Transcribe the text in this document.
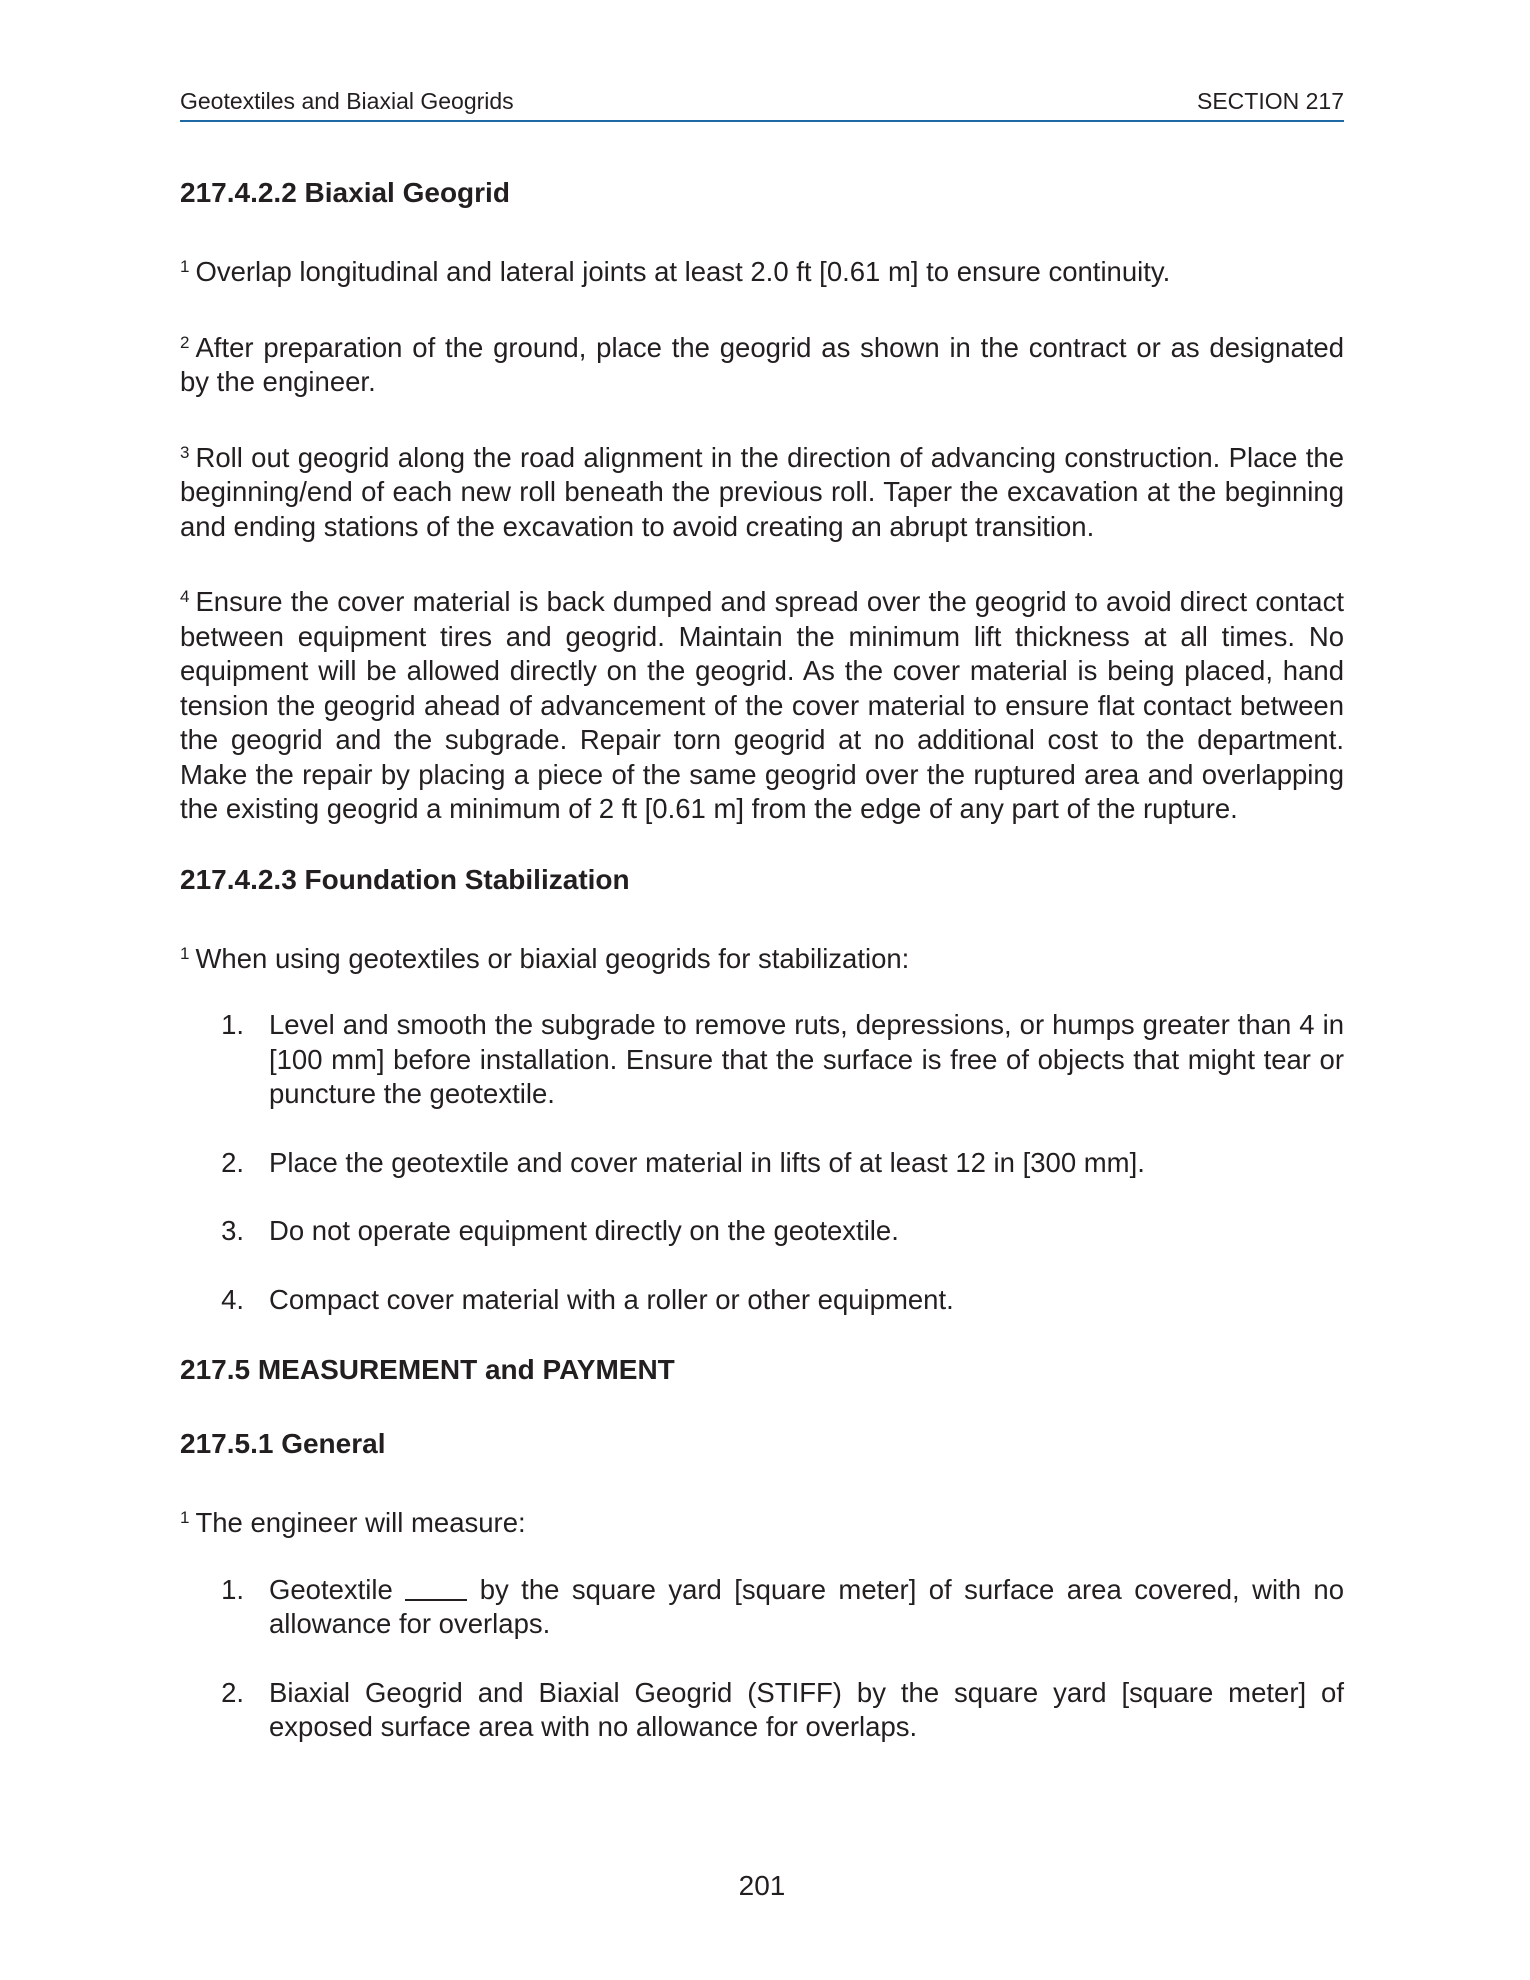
Geotextiles and Biaxial Geogrids	SECTION 217
217.4.2.2 Biaxial Geogrid

$^1$ Overlap longitudinal and lateral joints at least 2.0 ft [0.61 m] to ensure continuity.

$^2$ After preparation of the ground, place the geogrid as shown in the contract or as designated by the engineer.

$^3$ Roll out geogrid along the road alignment in the direction of advancing construction. Place the beginning/end of each new roll beneath the previous roll. Taper the excavation at the beginning and ending stations of the excavation to avoid creating an abrupt transition.

$^4$ Ensure the cover material is back dumped and spread over the geogrid to avoid direct contact between equipment tires and geogrid. Maintain the minimum lift thickness at all times. No equipment will be allowed directly on the geogrid. As the cover material is being placed, hand tension the geogrid ahead of advancement of the cover material to ensure flat contact between the geogrid and the subgrade. Repair torn geogrid at no additional cost to the department. Make the repair by placing a piece of the same geogrid over the ruptured area and overlapping the existing geogrid a minimum of 2 ft [0.61 m] from the edge of any part of the rupture.

217.4.2.3 Foundation Stabilization

$^1$ When using geotextiles or biaxial geogrids for stabilization:

1. Level and smooth the subgrade to remove ruts, depressions, or humps greater than 4 in [100 mm] before installation. Ensure that the surface is free of objects that might tear or puncture the geotextile.
2. Place the geotextile and cover material in lifts of at least 12 in [300 mm].
3. Do not operate equipment directly on the geotextile.
4. Compact cover material with a roller or other equipment.
217.5 MEASUREMENT and PAYMENT
217.5.1 General

$^1$ The engineer will measure:

1. Geotextile	by the square yard [square meter] of surface area covered, with no allowance for overlaps.
2. Biaxial Geogrid and Biaxial Geogrid (STIFF) by the square yard [square meter] of exposed surface area with no allowance for overlaps.
201
